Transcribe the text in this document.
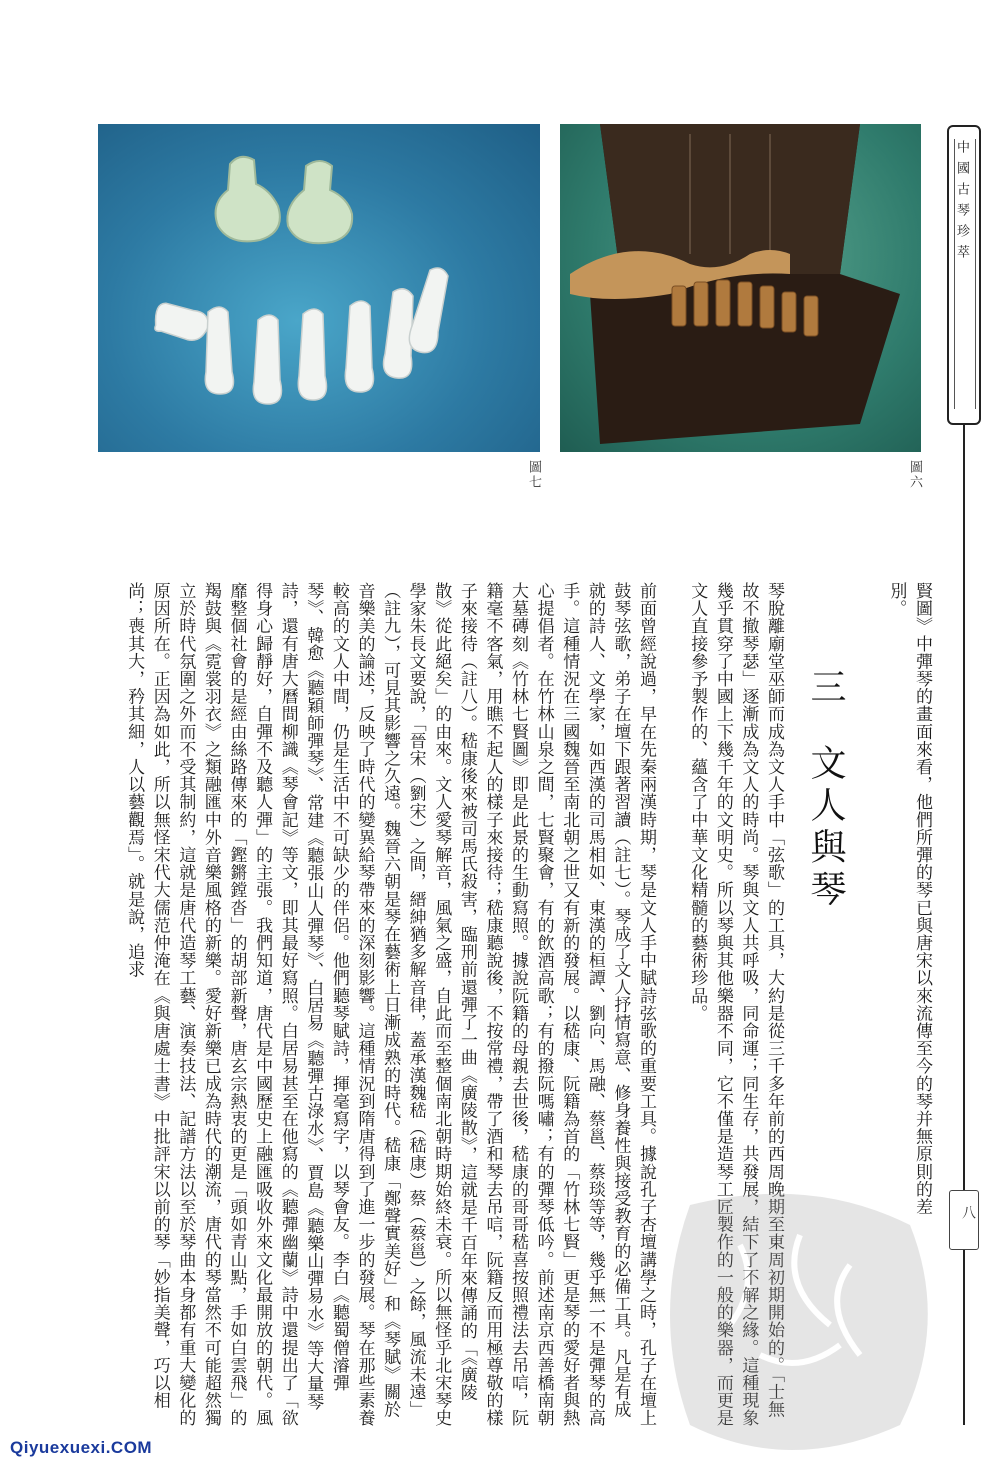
圖七	圖六
中國古琴珍萃
八
三文人與琴	賢圖》中彈琴的畫面來看，他們所彈的琴已與唐宋以來流傳至今的琴并無原則的差別。
琴脫離廟堂巫師而成為文人手中「弦歌」的工具，大約是從三千多年前的西周晚期至東周初期開始的。「士無故不撤琴瑟」逐漸成為文人的時尚。琴與文人共呼吸，同命運；同生存，共發展，結下了不解之緣。這種現象幾乎貫穿了中國上下幾千年的文明史。所以琴與其他樂器不同，它不僅是造琴工匠製作的一般的樂器，而更是文人直接參予製作的、蘊含了中華文化精髓的藝術珍品。
前面曾經說過，早在先秦兩漢時期，琴是文人手中賦詩弦歌的重要工具。據說孔子杏壇講學之時，孔子在壇上鼓琴弦歌，弟子在壇下跟著習讀（註七）。琴成了文人抒情寫意、修身養性與接受教育的必備工具。凡是有成就的詩人、文學家，如西漢的司馬相如、東漢的桓譚、劉向、馬融、蔡邕、蔡琰等等，幾乎無一不是彈琴的高手。這種情況在三國魏晉至南北朝之世又有新的發展。以嵇康、阮籍為首的「竹林七賢」更是琴的愛好者與熱心提倡者。在竹林山泉之間，七賢聚會，有的飲酒高歌；有的撥阮嗎嘯；有的彈琴低吟。前述南京西善橋南朝大墓磚刻《竹林七賢圖》即是此景的生動寫照。據說阮籍的母親去世後，嵇康的哥哥嵇喜按照禮法去吊唁，阮籍毫不客氣，用瞧不起人的樣子來接待；嵇康聽說後，不按常禮，帶了酒和琴去吊唁，阮籍反而用極尊敬的樣子來接待（註八）。嵇康後來被司馬氏殺害，臨刑前還彈了一曲《廣陵散》，這就是千百年來傳誦的「《廣陵散》從此絕矣」的由來。文人愛琴解音，風氣之盛，自此而至整個南北朝時期始終未衰。所以無怪乎北宋琴史學家朱長文要說，「晉宋（劉宋）之間，縉紳猶多解音律，蓋承漢魏嵇（嵇康）蔡（蔡邕）之餘，風流未遠」（註九），可見其影響之久遠。魏晉六朝是琴在藝術上日漸成熟的時代。嵇康「鄭聲實美好」和《琴賦》關於音樂美的論述，反映了時代的變異給琴帶來的深刻影響。這種情況到隋唐得到了進一步的發展。琴在那些素養較高的文人中間，仍是生活中不可缺少的伴侶。他們聽琴賦詩，揮毫寫字，以琴會友。李白《聽蜀僧濬彈琴》、韓愈《聽穎師彈琴》、常建《聽張山人彈琴》、白居易《聽彈古淥水》、賈島《聽樂山彈易水》等大量琴詩，還有唐大曆間柳識《琴會記》等文，即其最好寫照。白居易甚至在他寫的《聽彈幽蘭》詩中還提出了「欲得身心歸靜好，自彈不及聽人彈」的主張。我們知道，唐代是中國歷史上融匯吸收外來文化最開放的朝代。風靡整個社會的是經由絲路傳來的「鏗鏘鏜沓」的胡部新聲，唐玄宗熱衷的更是「頭如青山點，手如白雲飛」的羯鼓與《霓裳羽衣》之類融匯中外音樂風格的新樂。愛好新樂已成為時代的潮流，唐代的琴當然不可能超然獨立於時代氛圍之外而不受其制約，這就是唐代造琴工藝、演奏技法、記譜方法以至於琴曲本身都有重大變化的原因所在。正因為如此，所以無怪宋代大儒范仲淹在《與唐處士書》中批評宋以前的琴「妙指美聲，巧以相尚；喪其大，矜其細，人以藝觀焉」。就是說，追求
Qiyuexuexi.COM
